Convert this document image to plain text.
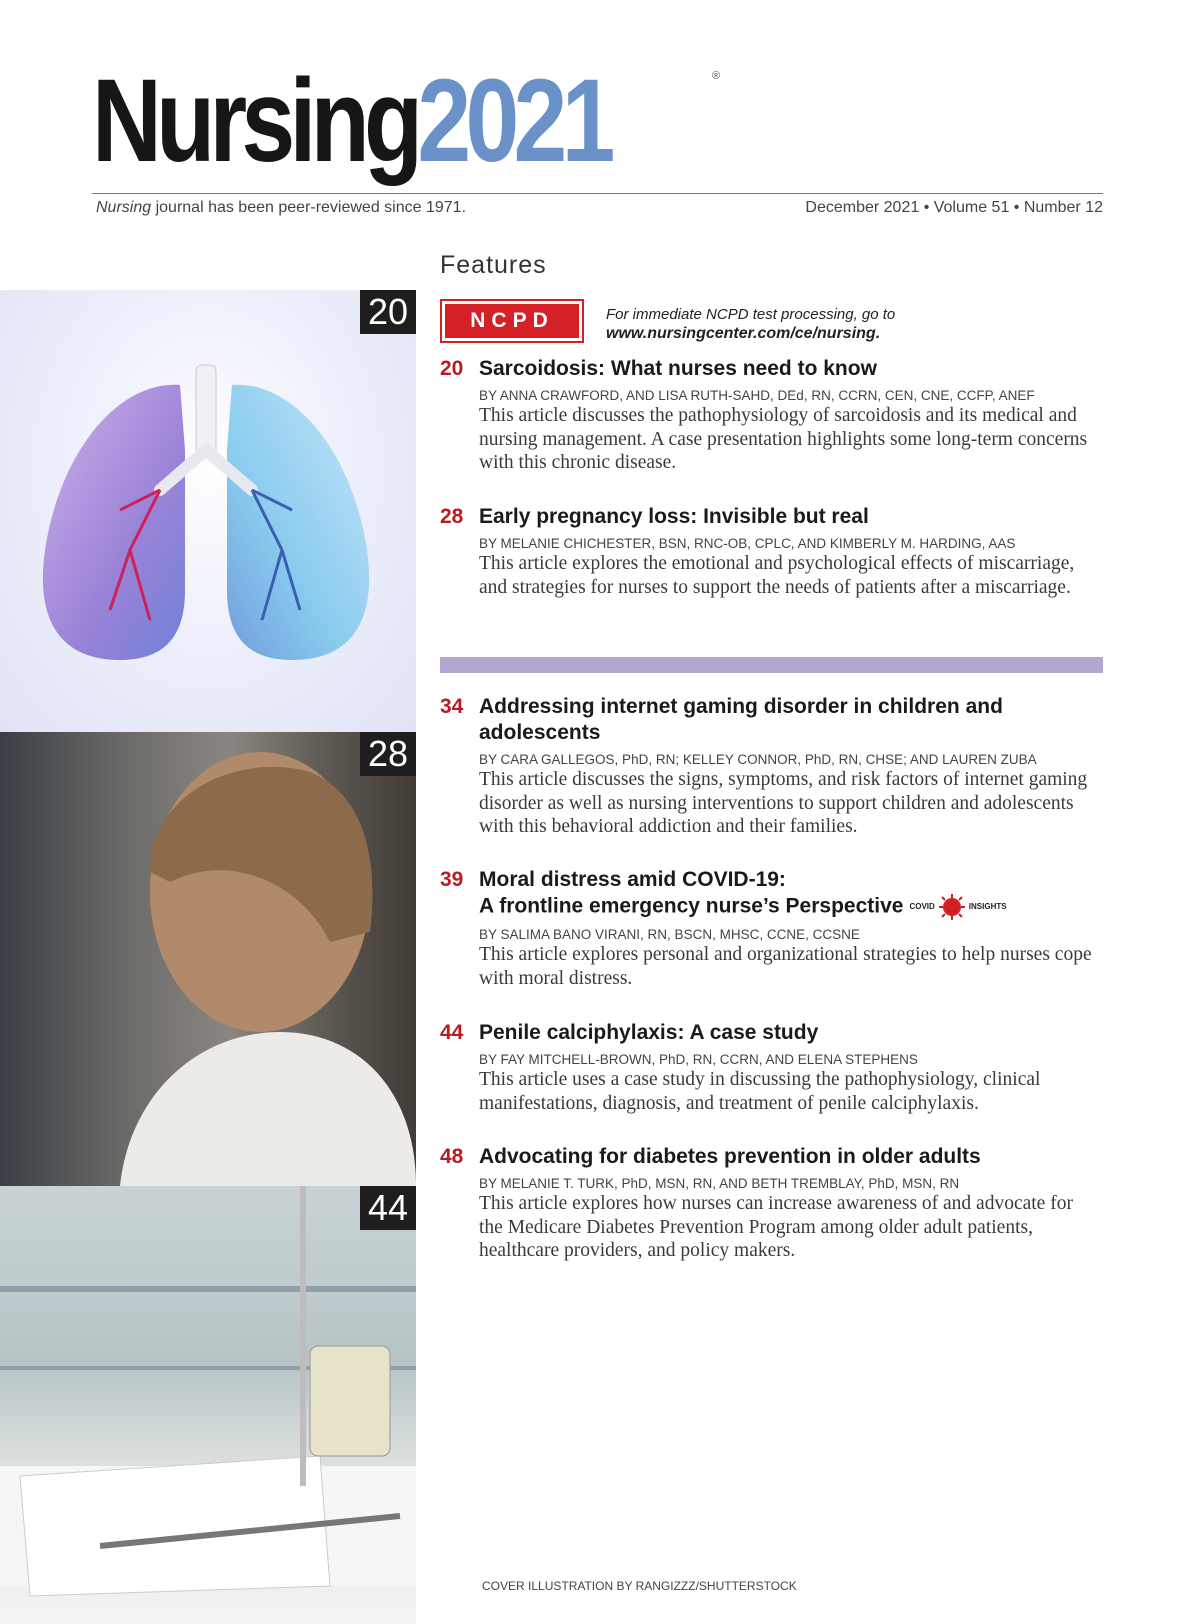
Nursing2021	®
Nursing journal has been peer-reviewed since 1971.	December 2021 • Volume 51 • Number 12
20
28
44
Features
NCPD	For immediate NCPD test processing, go to
www.nursingcenter.com/ce/nursing.
20 Sarcoidosis: What nurses need to know
BY ANNA CRAWFORD, AND LISA RUTH-SAHD, DEd, RN, CCRN, CEN, CNE, CCFP, ANEF
This article discusses the pathophysiology of sarcoidosis and its medical and nursing management. A case presentation highlights some long-term concerns with this chronic disease.
28 Early pregnancy loss: Invisible but real
BY MELANIE CHICHESTER, BSN, RNC-OB, CPLC, AND KIMBERLY M. HARDING, AAS
This article explores the emotional and psychological effects of miscarriage, and strategies for nurses to support the needs of patients after a miscarriage.
34 Addressing internet gaming disorder in children and adolescents
BY CARA GALLEGOS, PhD, RN; KELLEY CONNOR, PhD, RN, CHSE; AND LAUREN ZUBA
This article discusses the signs, symptoms, and risk factors of internet gaming disorder as well as nursing interventions to support children and adolescents with this behavioral addiction and their families.
39 Moral distress amid COVID-19:
A frontline emergency nurse’s Perspective COVID	INSIGHTS
BY SALIMA BANO VIRANI, RN, BSCN, MHSC, CCNE, CCSNE
This article explores personal and organizational strategies to help nurses cope with moral distress.
44 Penile calciphylaxis: A case study
BY FAY MITCHELL-BROWN, PhD, RN, CCRN, AND ELENA STEPHENS
This article uses a case study in discussing the pathophysiology, clinical manifestations, diagnosis, and treatment of penile calciphylaxis.
48 Advocating for diabetes prevention in older adults
BY MELANIE T. TURK, PhD, MSN, RN, AND BETH TREMBLAY, PhD, MSN, RN
This article explores how nurses can increase awareness of and advocate for the Medicare Diabetes Prevention Program among older adult patients, healthcare providers, and policy makers.
COVER ILLUSTRATION BY RANGIZZZ/SHUTTERSTOCK
